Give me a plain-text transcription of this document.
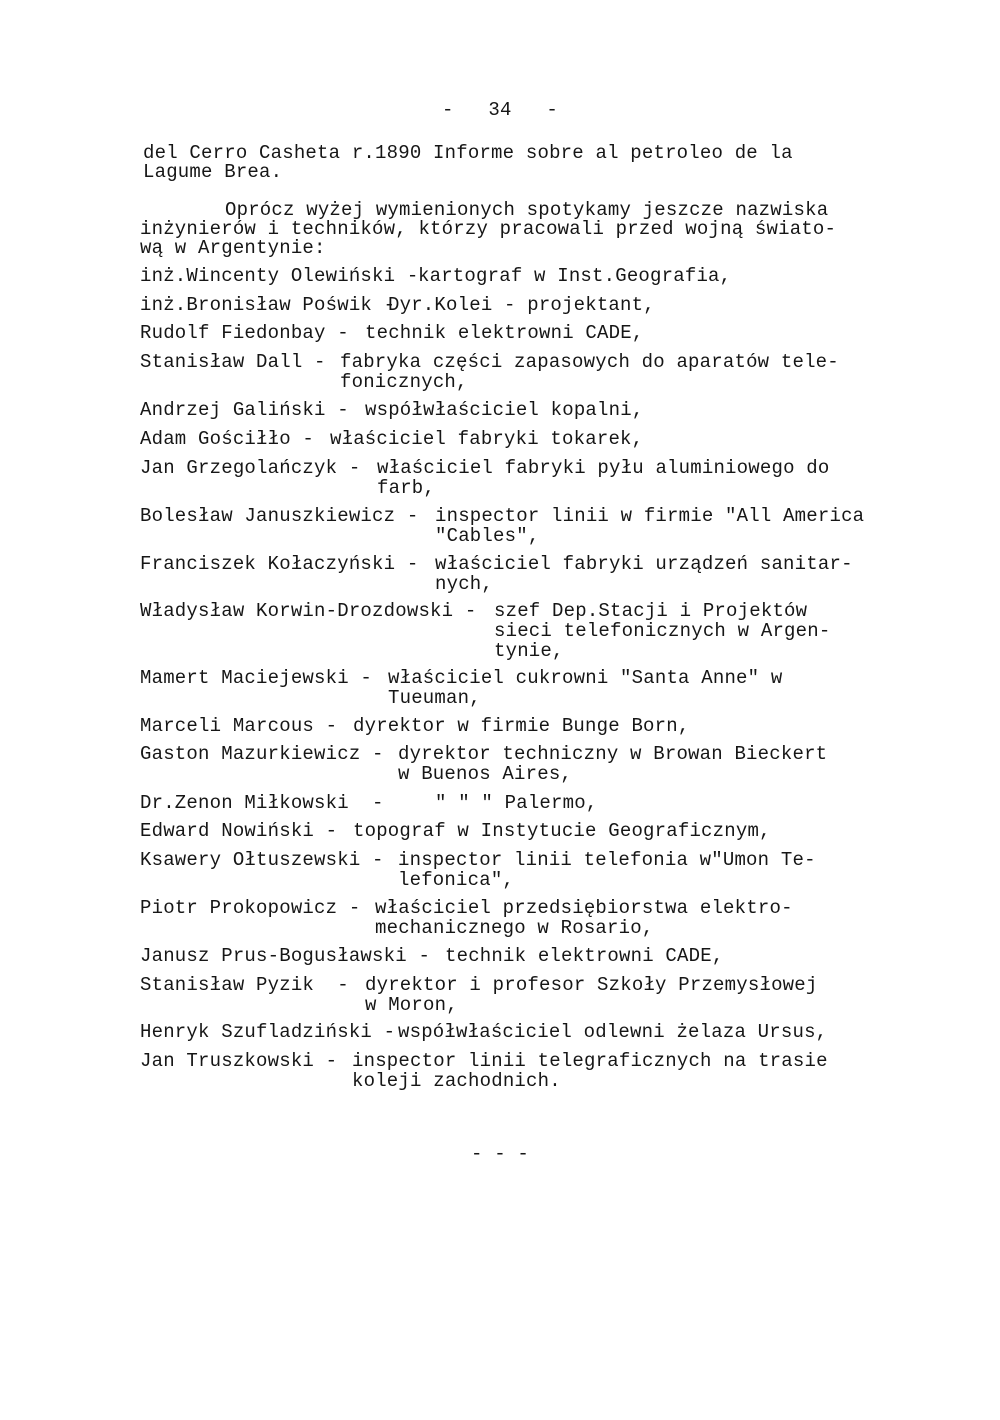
-   34   -
del Cerro Casheta r.1890 Informe sobre al petroleo de la
Lagume Brea.
Oprócz wyżej wymienionych spotykamy jeszcze nazwiska
inżynierów i techników, którzy pracowali przed wojną świato-
wą w Argentynie:
inż.Wincenty Olewiński - kartograf w Inst.Geografia,
inż.Bronisław Poświk -
Dyr.Kolei - projektant,
Rudolf Fiedonbay - technik elektrowni CADE,
Stanisław Dall - fabryka części zapasowych do aparatów tele-
fonicznych,
Andrzej Galiński - współwłaściciel kopalni,
Adam Gościłło - właściciel fabryki tokarek,
Jan Grzegolańczyk - właściciel fabryki pyłu aluminiowego do
farb,
Bolesław Januszkiewicz - inspector linii w firmie "All America
"Cables",
Franciszek Kołaczyński - właściciel fabryki urządzeń sanitar-
nych,
Władysław Korwin-Drozdowski - szef Dep.Stacji i Projektów
sieci telefonicznych w Argen-
tynie,
Mamert Maciejewski - właściciel cukrowni "Santa Anne" w
Tueuman,
Marceli Marcous - dyrektor w firmie Bunge Born,
Gaston Mazurkiewicz - dyrektor techniczny w Browan Bieckert
w Buenos Aires,
Dr.Zenon Miłkowski  -	" " " Palermo,
Edward Nowiński - topograf w Instytucie Geograficznym,
Ksawery Ołtuszewski - inspector linii telefonia w"Umon Te-
lefonica",
Piotr Prokopowicz - właściciel przedsiębiorstwa elektro-
mechanicznego w Rosario,
Janusz Prus-Bogusławski - technik elektrowni CADE,
Stanisław Pyzik  - dyrektor i profesor Szkoły Przemysłowej
w Moron,
Henryk Szufladziński - współwłaściciel odlewni żelaza Ursus,
Jan Truszkowski - inspector linii telegraficznych na trasie
koleji zachodnich.
- - -
